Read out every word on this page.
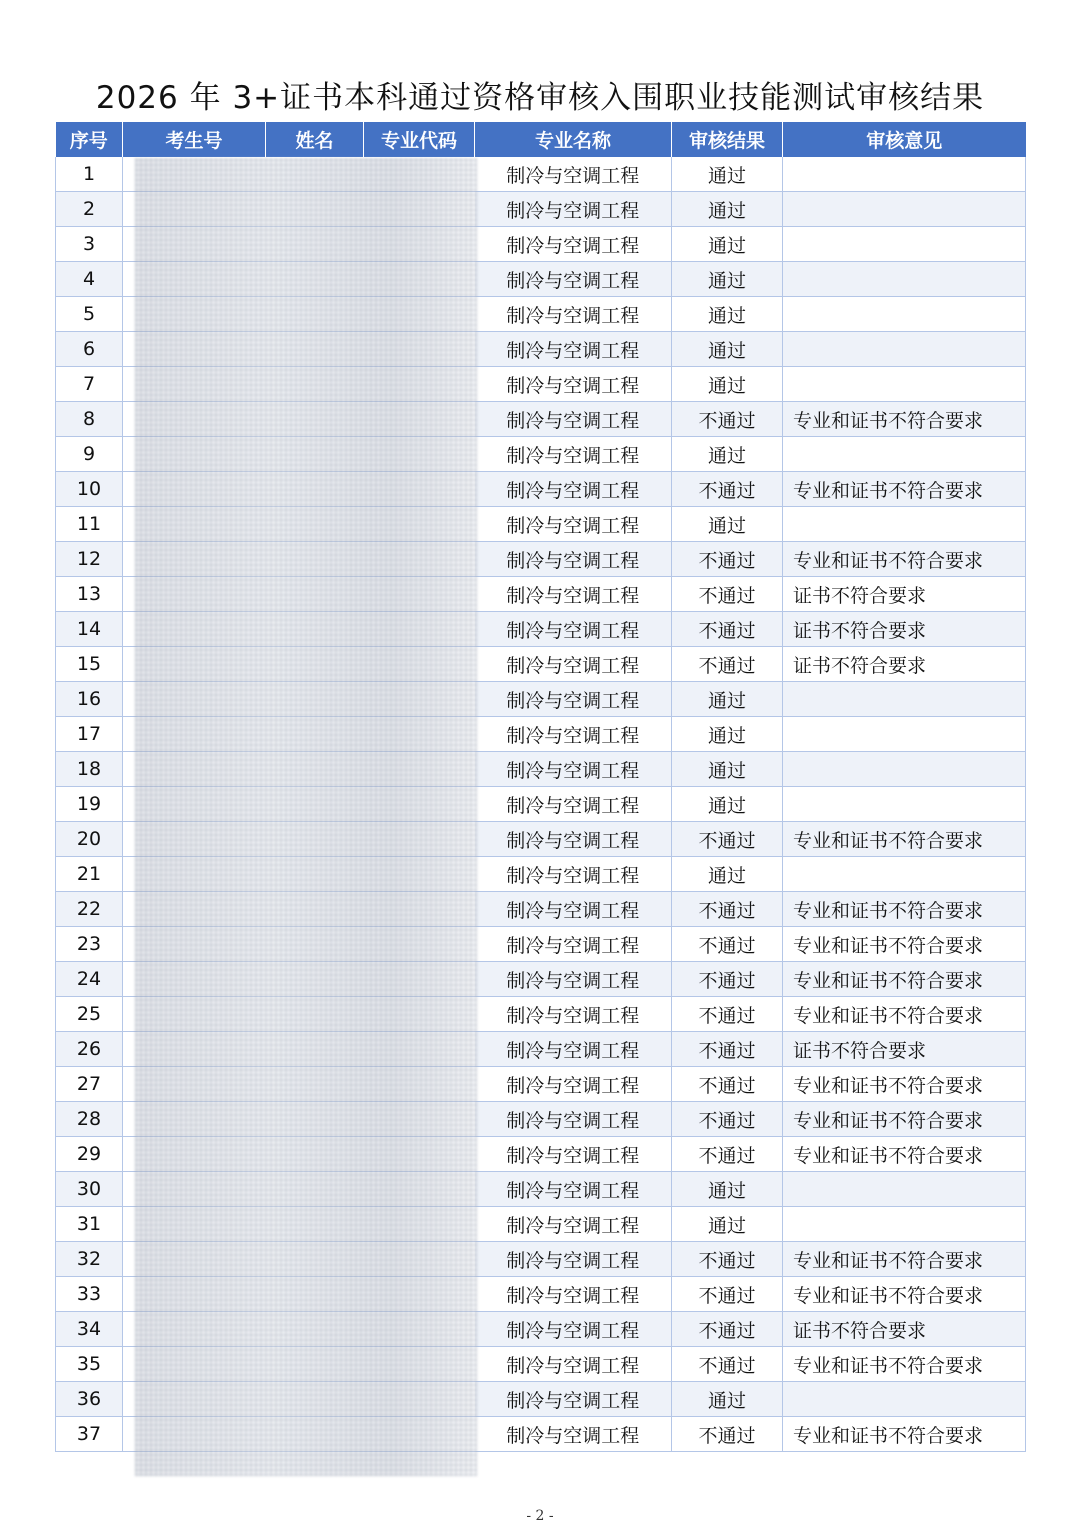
2026 年 3+证书本科通过资格审核入围职业技能测试审核结果
序号	考生号	姓名	专业代码	专业名称	审核结果	审核意见
1				制冷与空调工程	通过	
2				制冷与空调工程	通过	
3				制冷与空调工程	通过	
4				制冷与空调工程	通过	
5				制冷与空调工程	通过	
6				制冷与空调工程	通过	
7				制冷与空调工程	通过	
8				制冷与空调工程	不通过	专业和证书不符合要求
9				制冷与空调工程	通过	
10				制冷与空调工程	不通过	专业和证书不符合要求
11				制冷与空调工程	通过	
12				制冷与空调工程	不通过	专业和证书不符合要求
13				制冷与空调工程	不通过	证书不符合要求
14				制冷与空调工程	不通过	证书不符合要求
15				制冷与空调工程	不通过	证书不符合要求
16				制冷与空调工程	通过	
17				制冷与空调工程	通过	
18				制冷与空调工程	通过	
19				制冷与空调工程	通过	
20				制冷与空调工程	不通过	专业和证书不符合要求
21				制冷与空调工程	通过	
22				制冷与空调工程	不通过	专业和证书不符合要求
23				制冷与空调工程	不通过	专业和证书不符合要求
24				制冷与空调工程	不通过	专业和证书不符合要求
25				制冷与空调工程	不通过	专业和证书不符合要求
26				制冷与空调工程	不通过	证书不符合要求
27				制冷与空调工程	不通过	专业和证书不符合要求
28				制冷与空调工程	不通过	专业和证书不符合要求
29				制冷与空调工程	不通过	专业和证书不符合要求
30				制冷与空调工程	通过	
31				制冷与空调工程	通过	
32				制冷与空调工程	不通过	专业和证书不符合要求
33				制冷与空调工程	不通过	专业和证书不符合要求
34				制冷与空调工程	不通过	证书不符合要求
35				制冷与空调工程	不通过	专业和证书不符合要求
36				制冷与空调工程	通过	
37				制冷与空调工程	不通过	专业和证书不符合要求
- 2 -
